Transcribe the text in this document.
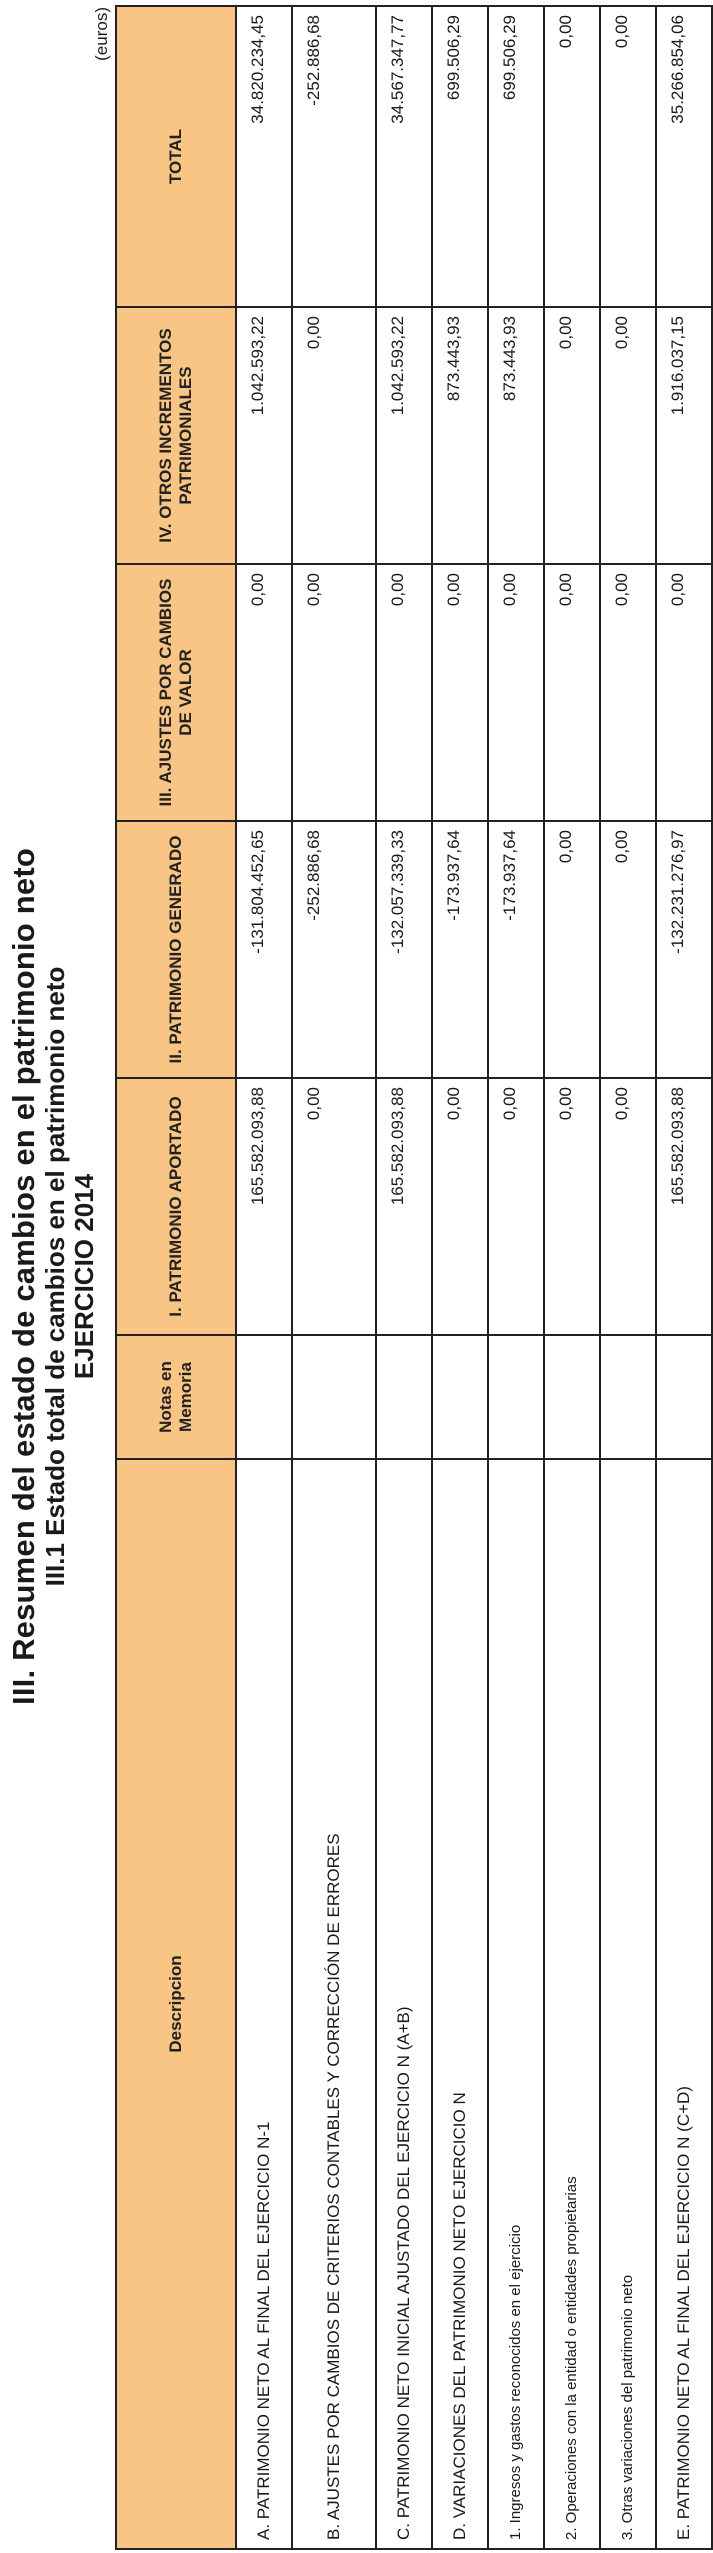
III. Resumen del estado de cambios en el patrimonio neto III.1 Estado total de cambios en el patrimonio neto EJERCICIO 2014
(euros)
Descripcion	Notas en Memoria	I. PATRIMONIO APORTADO	II. PATRIMONIO GENERADO	III. AJUSTES POR CAMBIOS DE VALOR	IV. OTROS INCREMENTOS PATRIMONIALES	TOTAL
A. PATRIMONIO NETO AL FINAL DEL EJERCICIO N-1		165.582.093,88	-131.804.452,65	0,00	1.042.593,22	34.820.234,45
B. AJUSTES POR CAMBIOS DE CRITERIOS CONTABLES Y CORRECCIÓN DE ERRORES		0,00	-252.886,68	0,00	0,00	-252.886,68
C. PATRIMONIO NETO INICIAL AJUSTADO DEL EJERCICIO N (A+B)		165.582.093,88	-132.057.339,33	0,00	1.042.593,22	34.567.347,77
D. VARIACIONES DEL PATRIMONIO NETO EJERCICIO N		0,00	-173.937,64	0,00	873.443,93	699.506,29
1. Ingresos y gastos reconocidos en el ejercicio		0,00	-173.937,64	0,00	873.443,93	699.506,29
2. Operaciones con la entidad o entidades propietarias		0,00	0,00	0,00	0,00	0,00
3. Otras variaciones del patrimonio neto		0,00	0,00	0,00	0,00	0,00
E. PATRIMONIO NETO AL FINAL DEL EJERCICIO N (C+D)		165.582.093,88	-132.231.276,97	0,00	1.916.037,15	35.266.854,06
